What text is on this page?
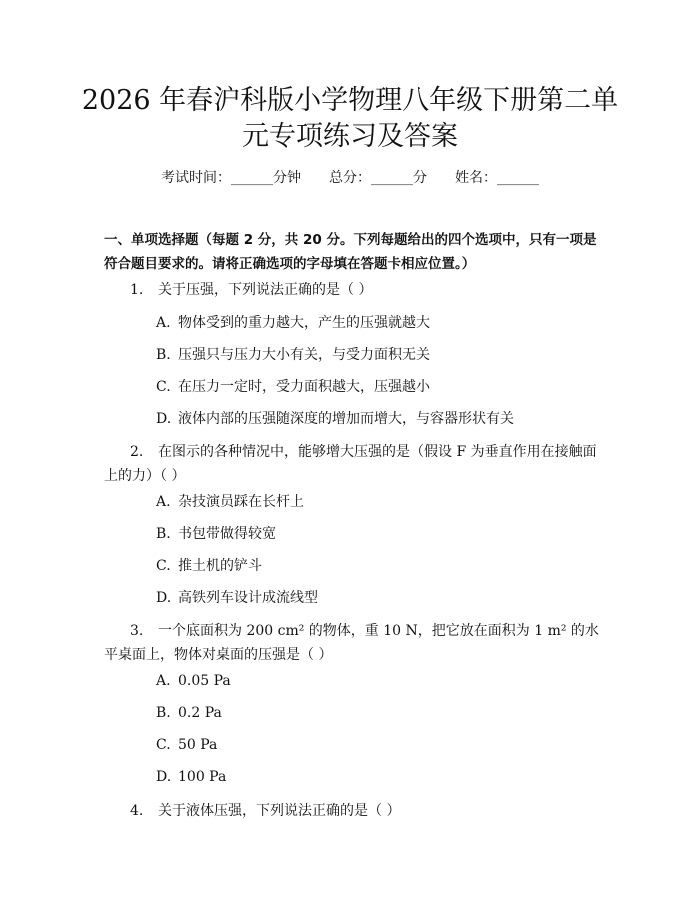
2026 年春沪科版小学物理八年级下册第二单
元专项练习及答案
考试时间：______分钟 总分：______分 姓名：______
一、单项选择题（每题 2 分，共 20 分。下列每题给出的四个选项中，只有一项是符合题目要求的。请将正确选项的字母填在答题卡相应位置。）
1. 关于压强，下列说法正确的是（ ）
A. 物体受到的重力越大，产生的压强就越大
B. 压强只与压力大小有关，与受力面积无关
C. 在压力一定时，受力面积越大，压强越小
D. 液体内部的压强随深度的增加而增大，与容器形状有关
2. 在图示的各种情况中，能够增大压强的是（假设 F 为垂直作用在接触面上的力）（ ）
A. 杂技演员踩在长杆上
B. 书包带做得较宽
C. 推土机的铲斗
D. 高铁列车设计成流线型
3. 一个底面积为 200 cm² 的物体，重 10 N，把它放在面积为 1 m² 的水平桌面上，物体对桌面的压强是（ ）
A. 0.05 Pa
B. 0.2 Pa
C. 50 Pa
D. 100 Pa
4. 关于液体压强，下列说法正确的是（ ）
